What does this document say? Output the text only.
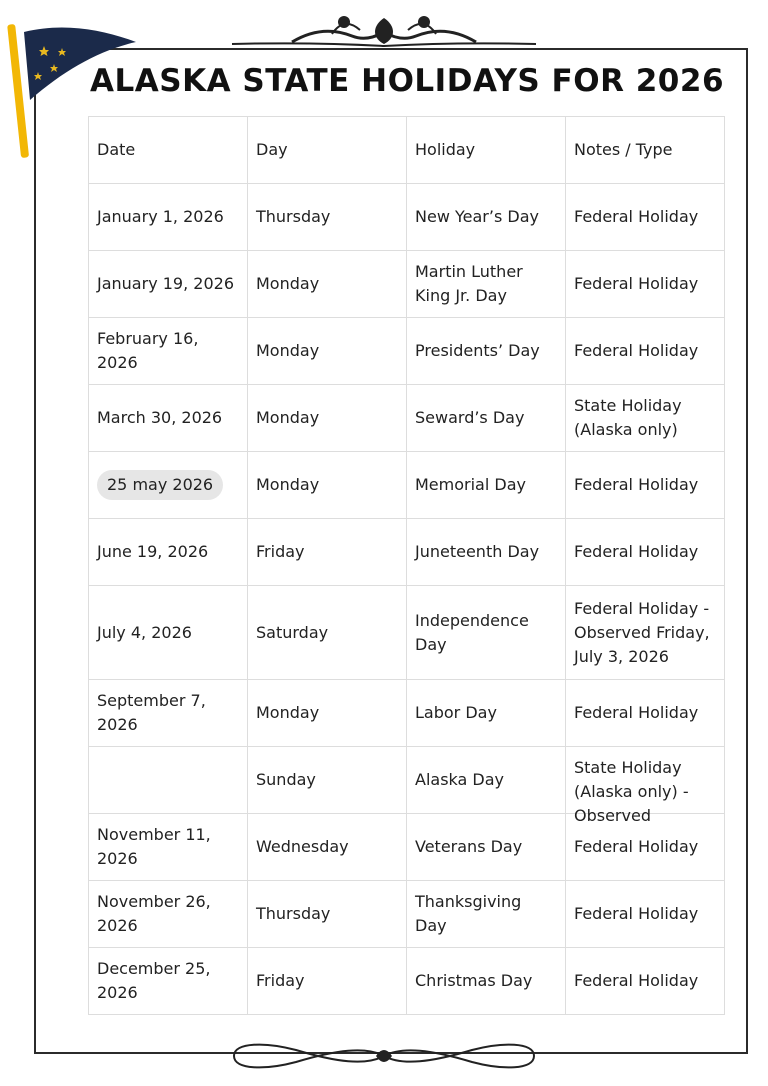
ALASKA STATE HOLIDAYS FOR 2026
Date	Day	Holiday	Notes / Type
January 1, 2026	Thursday	New Year’s Day	Federal Holiday
January 19, 2026	Monday	Martin Luther King Jr. Day	Federal Holiday
February 16, 2026	Monday	Presidents’ Day	Federal Holiday
March 30, 2026	Monday	Seward’s Day	State Holiday (Alaska only)
25 may 2026	Monday	Memorial Day	Federal Holiday
June 19, 2026	Friday	Juneteenth Day	Federal Holiday
July 4, 2026	Saturday	Independence Day	Federal Holiday - Observed Friday, July 3, 2026
September 7, 2026	Monday	Labor Day	Federal Holiday
	Sunday	Alaska Day	State Holiday (Alaska only) - Observed

November 11, 2026	Wednesday	Veterans Day	Federal Holiday
November 26, 2026	Thursday	Thanksgiving Day	Federal Holiday
December 25, 2026	Friday	Christmas Day	Federal Holiday
